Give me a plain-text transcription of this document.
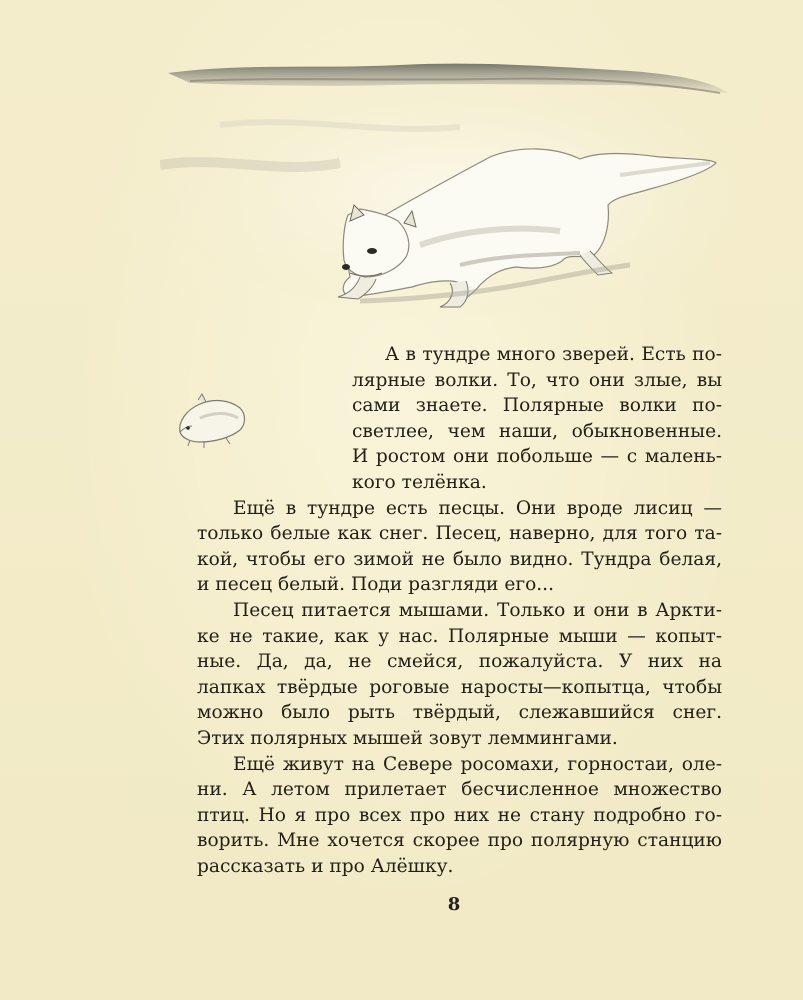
А в тундре много зверей. Есть по-
лярные волки. То, что они злые, вы
сами знаете. Полярные волки по-
светлее, чем наши, обыкновенные.
И ростом они побольше — с малень-
кого телёнка.
Ещё в тундре есть песцы. Они вроде лисиц —
только белые как снег. Песец, наверно, для того та-
кой, чтобы его зимой не было видно. Тундра белая,
и песец белый. Поди разгляди его...
Песец питается мышами. Только и они в Аркти-
ке не такие, как у нас. Полярные мыши — копыт-
ные. Да, да, не смейся, пожалуйста. У них на
лапках твёрдые роговые наросты—копытца, чтобы
можно было рыть твёрдый, слежавшийся снег.
Этих полярных мышей зовут леммингами.
Ещё живут на Севере росомахи, горностаи, оле-
ни. А летом прилетает бесчисленное множество
птиц. Но я про всех про них не стану подробно го-
ворить. Мне хочется скорее про полярную станцию
рассказать и про Алёшку.
8
